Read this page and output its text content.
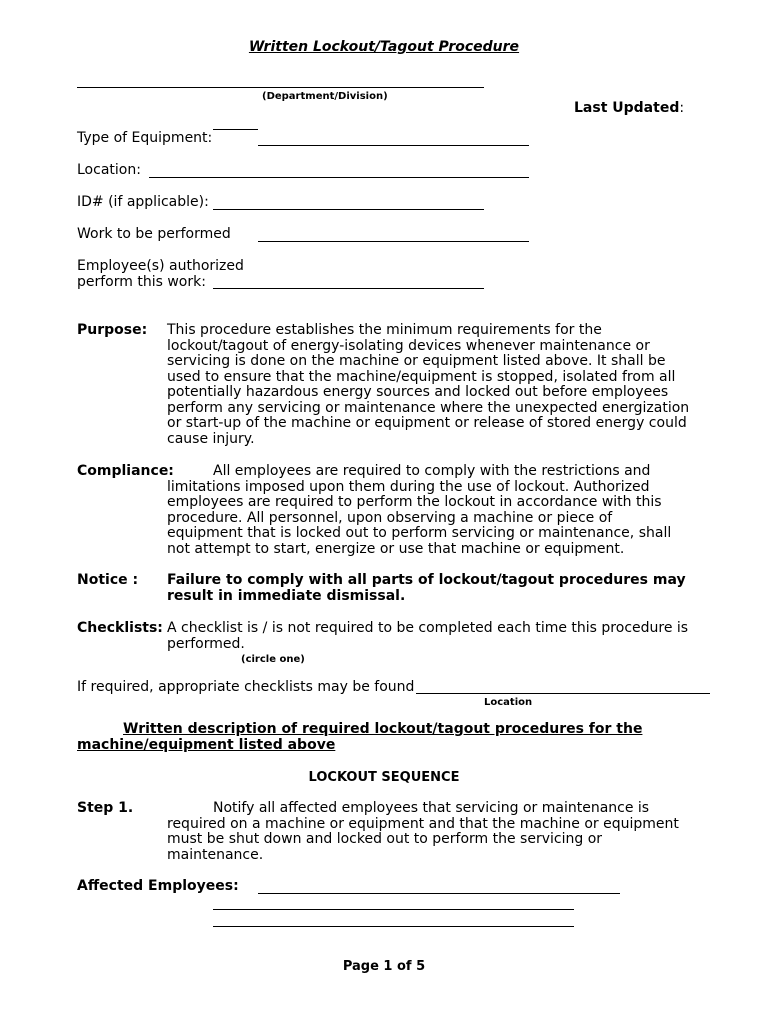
Written Lockout/Tagout Procedure
(Department/Division)
Last Updated:
Type of Equipment:
Location:
ID# (if applicable):
Work to be performed
Employee(s) authorized
perform this work:
Purpose: This procedure establishes the minimum requirements for the lockout/tagout of energy-isolating devices whenever maintenance or servicing is done on the machine or equipment listed above. It shall be used to ensure that the machine/equipment is stopped, isolated from all potentially hazardous energy sources and locked out before employees perform any servicing or maintenance where the unexpected energization or start-up of the machine or equipment or release of stored energy could cause injury.
Compliance:	All employees are required to comply with the restrictions and limitations imposed upon them during the use of lockout. Authorized employees are required to perform the lockout in accordance with this procedure. All personnel, upon observing a machine or piece of equipment that is locked out to perform servicing or maintenance, shall not attempt to start, energize or use that machine or equipment.
Notice : Failure to comply with all parts of lockout/tagout procedures may result in immediate dismissal.
Checklists: A checklist is / is not required to be completed each time this procedure is performed.
(circle one)
If required, appropriate checklists may be found
Location
Written description of required lockout/tagout procedures for the
machine/equipment listed above
LOCKOUT SEQUENCE
Step 1.	Notify all affected employees that servicing or maintenance is required on a machine or equipment and that the machine or equipment must be shut down and locked out to perform the servicing or maintenance.
Affected Employees:
Page 1 of 5
